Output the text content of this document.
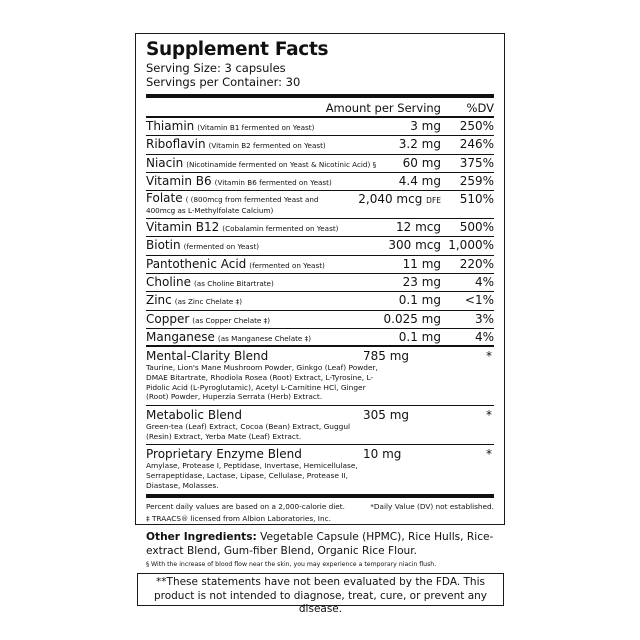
Supplement Facts
Serving Size: 3 capsules
Servings per Container: 30
Amount per Serving %DV
Thiamin (Vitamin B1 fermented on Yeast)	3 mg 250%
Riboflavin (Vitamin B2 fermented on Yeast)	3.2 mg 246%
Niacin (Nicotinamide fermented on Yeast & Nicotinic Acid) § 60 mg 375%
Vitamin B6 (Vitamin B6 fermented on Yeast)	4.4 mg 259%
Folate ( (800mcg from fermented Yeast and
400mcg as L-Methylfolate Calcium)
2,040 mcg DFE 510%
Vitamin B12 (Cobalamin fermented on Yeast)	12 mcg 500%
Biotin (fermented on Yeast)	300 mcg 1,000%
Pantothenic Acid (fermented on Yeast)	11 mg 220%
Choline (as Choline Bitartrate)	23 mg	4%
Zinc (as Zinc Chelate ‡)	0.1 mg <1%
Copper (as Copper Chelate ‡)	0.025 mg	3%
Manganese (as Manganese Chelate ‡)	0.1 mg	4%
Mental-Clarity Blend
Taurine, Lion's Mane Mushroom Powder, Ginkgo (Leaf) Powder, DMAE Bitartrate, Rhodiola Rosea (Root) Extract, L-Tyrosine, L-Pidolic Acid (L-Pyroglutamic), Acetyl L-Carnitine HCl, Ginger (Root) Powder, Huperzia Serrata (Herb) Extract.
785 mg	*
Metabolic Blend
Green-tea (Leaf) Extract, Cocoa (Bean) Extract, Guggul (Resin) Extract, Yerba Mate (Leaf) Extract.
305 mg	*
Proprietary Enzyme Blend
Amylase, Protease I, Peptidase, Invertase, Hemicellulase, Serrapeptidase, Lactase, Lipase, Cellulase, Protease II, Diastase, Molasses.
10 mg	*
Percent daily values are based on a 2,000-calorie diet.
‡ TRAACS® licensed from Albion Laboratories, Inc.
*Daily Value (DV) not established.
Other Ingredients: Vegetable Capsule (HPMC), Rice Hulls, Rice-extract Blend, Gum-fiber Blend, Organic Rice Flour.
§ With the increase of blood flow near the skin, you may experience a temporary niacin flush.
**These statements have not been evaluated by the FDA. This product is not intended to diagnose, treat, cure, or prevent any disease.
